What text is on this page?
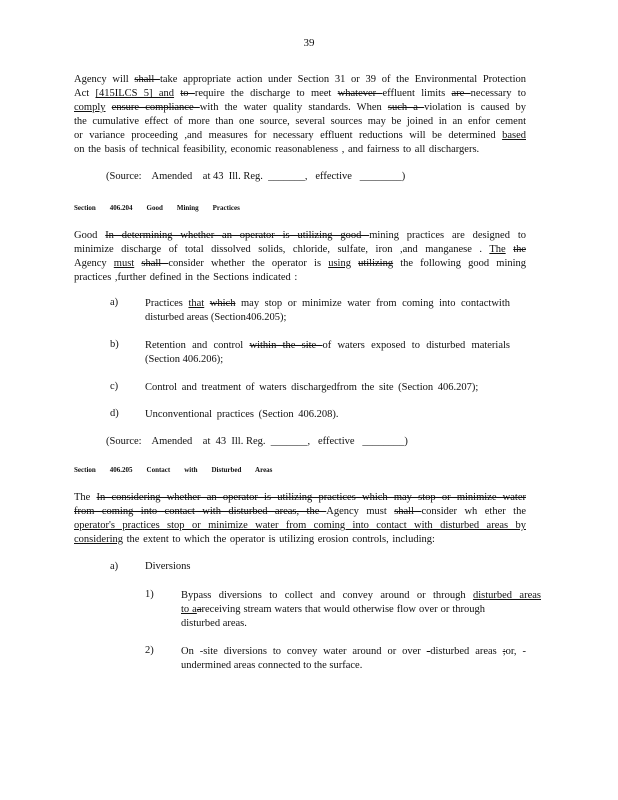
39
Agency will shall take appropriate action under Section 31 or 39 of the Environmental Protection
Act [415ILCS 5] and to require the discharge to meet whatever effluent limits are necessary to
comply ensure compliance with the water quality standards. When such a violation is caused by
the cumulative effect of more than one source, several sources may be joined in an enfor cement
or variance proceeding ,and measures for necessary effluent reductions will be determined based
on the basis of technical feasibility, economic reasonableness , and fairness to all dischargers.
(Source:    Amended    at 43  Ill. Reg.  _______,   effective   ________)
Section        406.204        Good        Mining        Practices
Good In determining whether an operator is utilizing good mining practices are designed to
minimize discharge of total dissolved solids, chloride, sulfate, iron ,and manganese . The the
Agency must shall consider whether the operator is using utilizing the following good mining
practices ,further defined in the Sections indicated :
a)	Practices that which may stop or minimize water from coming into contactwith
disturbed areas (Section406.205);
b)	Retention and control within the site of waters exposed to disturbed materials
(Section 406.206);
c)	Control and treatment of waters dischargedfrom the site (Section 406.207);
d)	Unconventional practices (Section 406.208).
(Source:    Amended    at  43  Ill. Reg.  _______,   effective   ________)
Section        406.205        Contact        with        Disturbed        Areas
The In considering whether an operator is utilizing practices which may stop or minimize water
from coming into contact with disturbed areas, the Agency must shall consider wh ether the
operator's practices stop or minimize water from coming into contact with disturbed areas by
considering the extent to which the operator is utilizing erosion controls, including:
a)	Diversions
1)	Bypass diversions to collect and convey around or through disturbed areas
to aareceiving stream waters that would otherwise flow over or through
disturbed areas.
2)	On -site diversions to convey water around or over -disturbed areas ;or, -
undermined areas connected to the surface.
